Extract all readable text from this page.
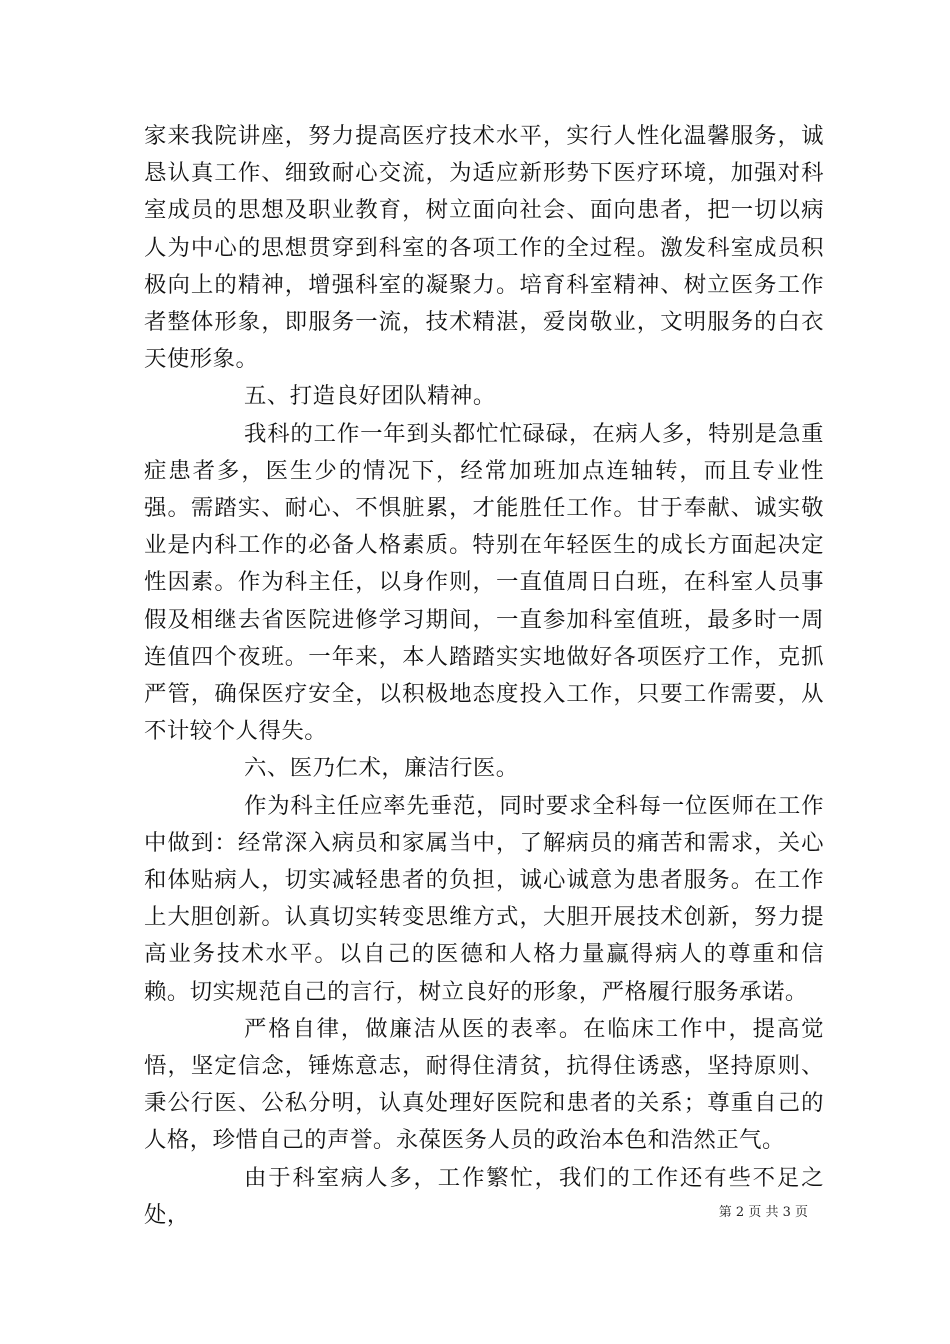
家来我院讲座，努力提高医疗技术水平，实行人性化温馨服务，诚恳认真工作、细致耐心交流，为适应新形势下医疗环境，加强对科室成员的思想及职业教育，树立面向社会、面向患者，把一切以病人为中心的思想贯穿到科室的各项工作的全过程。激发科室成员积极向上的精神，增强科室的凝聚力。培育科室精神、树立医务工作者整体形象，即服务一流，技术精湛，爱岗敬业，文明服务的白衣天使形象。

五、打造良好团队精神。

我科的工作一年到头都忙忙碌碌，在病人多，特别是急重症患者多，医生少的情况下，经常加班加点连轴转，而且专业性强。需踏实、耐心、不惧脏累，才能胜任工作。甘于奉献、诚实敬业是内科工作的必备人格素质。特别在年轻医生的成长方面起决定性因素。作为科主任，以身作则，一直值周日白班，在科室人员事假及相继去省医院进修学习期间，一直参加科室值班，最多时一周连值四个夜班。一年来，本人踏踏实实地做好各项医疗工作，克抓严管，确保医疗安全，以积极地态度投入工作，只要工作需要，从不计较个人得失。

六、医乃仁术，廉洁行医。

作为科主任应率先垂范，同时要求全科每一位医师在工作中做到：经常深入病员和家属当中，了解病员的痛苦和需求，关心和体贴病人，切实减轻患者的负担，诚心诚意为患者服务。在工作上大胆创新。认真切实转变思维方式，大胆开展技术创新，努力提高业务技术水平。以自己的医德和人格力量赢得病人的尊重和信赖。切实规范自己的言行，树立良好的形象，严格履行服务承诺。

严格自律，做廉洁从医的表率。在临床工作中，提高觉悟，坚定信念，锤炼意志，耐得住清贫，抗得住诱惑，坚持原则、秉公行医、公私分明，认真处理好医院和患者的关系；尊重自己的人格，珍惜自己的声誉。永葆医务人员的政治本色和浩然正气。

由于科室病人多，工作繁忙，我们的工作还有些不足之处，	第 2 页 共 3 页
